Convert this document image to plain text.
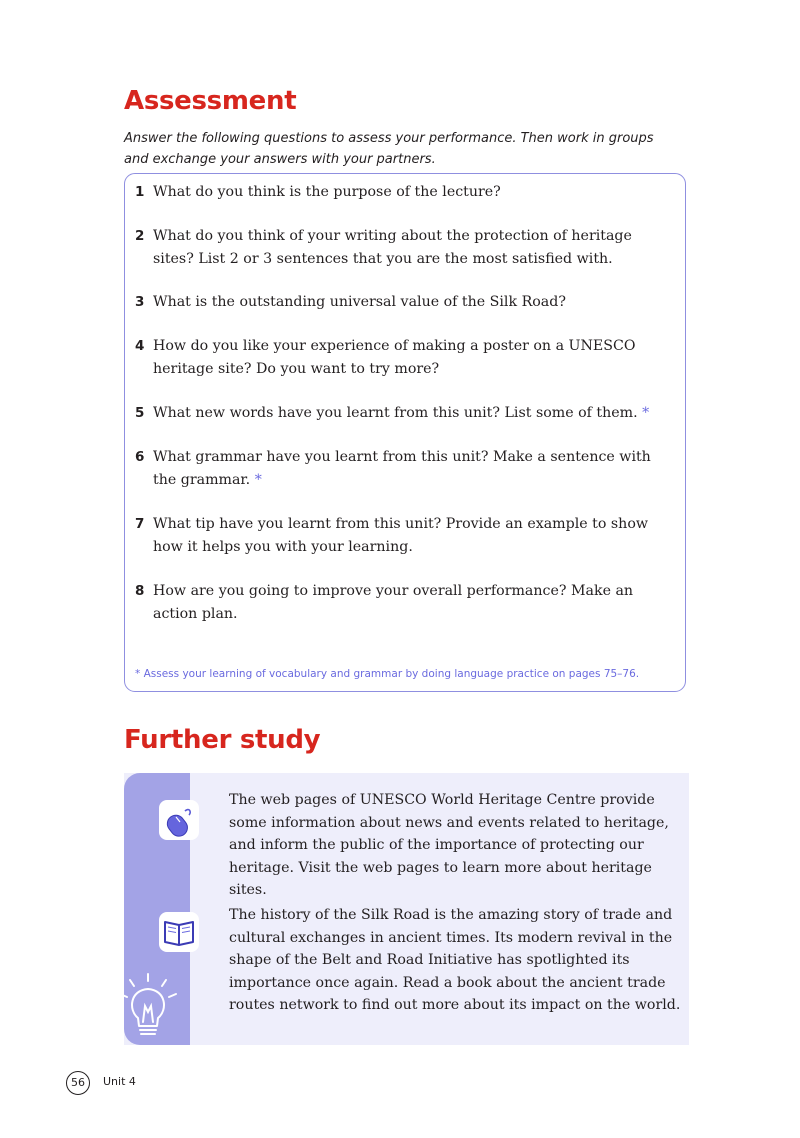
Assessment
Answer the following questions to assess your performance. Then work in groups and exchange your answers with your partners.
1 What do you think is the purpose of the lecture?
2 What do you think of your writing about the protection of heritage sites? List 2 or 3 sentences that you are the most satisfied with.
3 What is the outstanding universal value of the Silk Road?
4 How do you like your experience of making a poster on a UNESCO heritage site? Do you want to try more?
5 What new words have you learnt from this unit? List some of them. *
6 What grammar have you learnt from this unit? Make a sentence with the grammar. *
7 What tip have you learnt from this unit? Provide an example to show how it helps you with your learning.
8 How are you going to improve your overall performance? Make an action plan.
* Assess your learning of vocabulary and grammar by doing language practice on pages 75–76.
Further study
The web pages of UNESCO World Heritage Centre provide some information about news and events related to heritage, and inform the public of the importance of protecting our heritage. Visit the web pages to learn more about heritage sites.
The history of the Silk Road is the amazing story of trade and cultural exchanges in ancient times. Its modern revival in the shape of the Belt and Road Initiative has spotlighted its importance once again. Read a book about the ancient trade routes network to find out more about its impact on the world.
56	Unit 4
